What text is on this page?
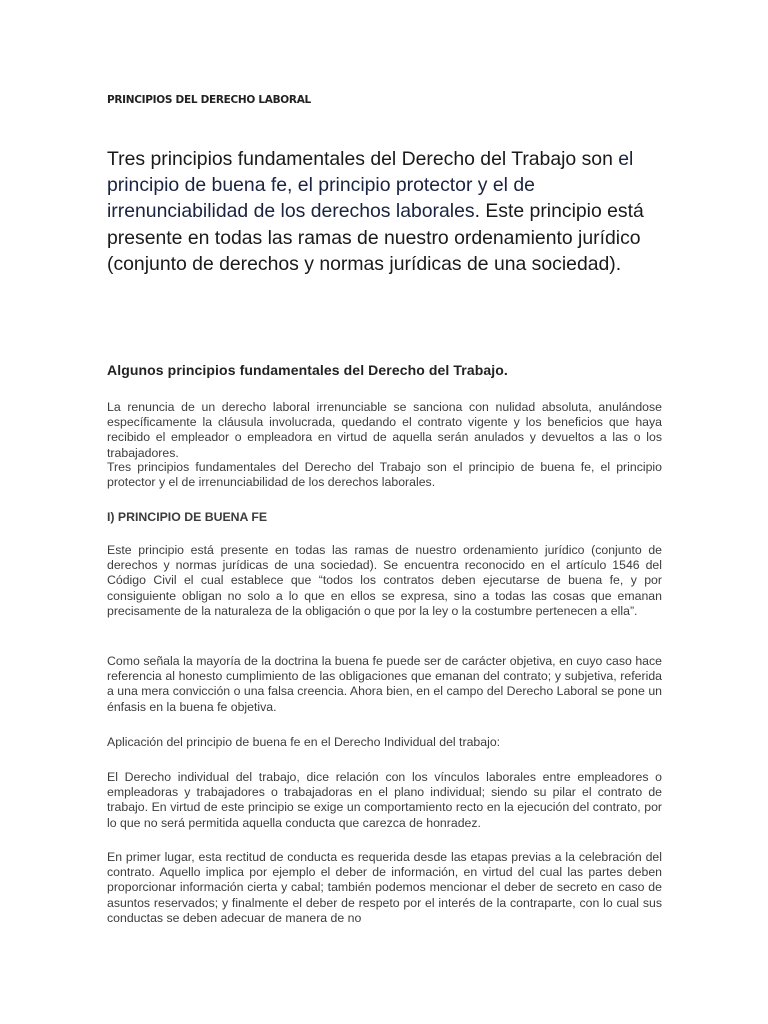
PRINCIPIOS DEL DERECHO LABORAL

Tres principios fundamentales del Derecho del Trabajo son el principio de buena fe, el principio protector y el de irrenunciabilidad de los derechos laborales. Este principio está presente en todas las ramas de nuestro ordenamiento jurídico (conjunto de derechos y normas jurídicas de una sociedad).

Algunos principios fundamentales del Derecho del Trabajo.

La renuncia de un derecho laboral irrenunciable se sanciona con nulidad absoluta, anulándose específicamente la cláusula involucrada, quedando el contrato vigente y los beneficios que haya recibido el empleador o empleadora en virtud de aquella serán anulados y devueltos a las o los trabajadores.

Tres principios fundamentales del Derecho del Trabajo son el principio de buena fe, el principio protector y el de irrenunciabilidad de los derechos laborales.

I) PRINCIPIO DE BUENA FE

Este principio está presente en todas las ramas de nuestro ordenamiento jurídico (conjunto de derechos y normas jurídicas de una sociedad). Se encuentra reconocido en el artículo 1546 del Código Civil el cual establece que “todos los contratos deben ejecutarse de buena fe, y por consiguiente obligan no solo a lo que en ellos se expresa, sino a todas las cosas que emanan precisamente de la naturaleza de la obligación o que por la ley o la costumbre pertenecen a ella”.

Como señala la mayoría de la doctrina la buena fe puede ser de carácter objetiva, en cuyo caso hace referencia al honesto cumplimiento de las obligaciones que emanan del contrato; y subjetiva, referida a una mera convicción o una falsa creencia. Ahora bien, en el campo del Derecho Laboral se pone un énfasis en la buena fe objetiva.

Aplicación del principio de buena fe en el Derecho Individual del trabajo:

El Derecho individual del trabajo, dice relación con los vínculos laborales entre empleadores o empleadoras y trabajadores o trabajadoras en el plano individual; siendo su pilar el contrato de trabajo. En virtud de este principio se exige un comportamiento recto en la ejecución del contrato, por lo que no será permitida aquella conducta que carezca de honradez.

En primer lugar, esta rectitud de conducta es requerida desde las etapas previas a la celebración del contrato. Aquello implica por ejemplo el deber de información, en virtud del cual las partes deben proporcionar información cierta y cabal; también podemos mencionar el deber de secreto en caso de asuntos reservados; y finalmente el deber de respeto por el interés de la contraparte, con lo cual sus conductas se deben adecuar de manera de no
